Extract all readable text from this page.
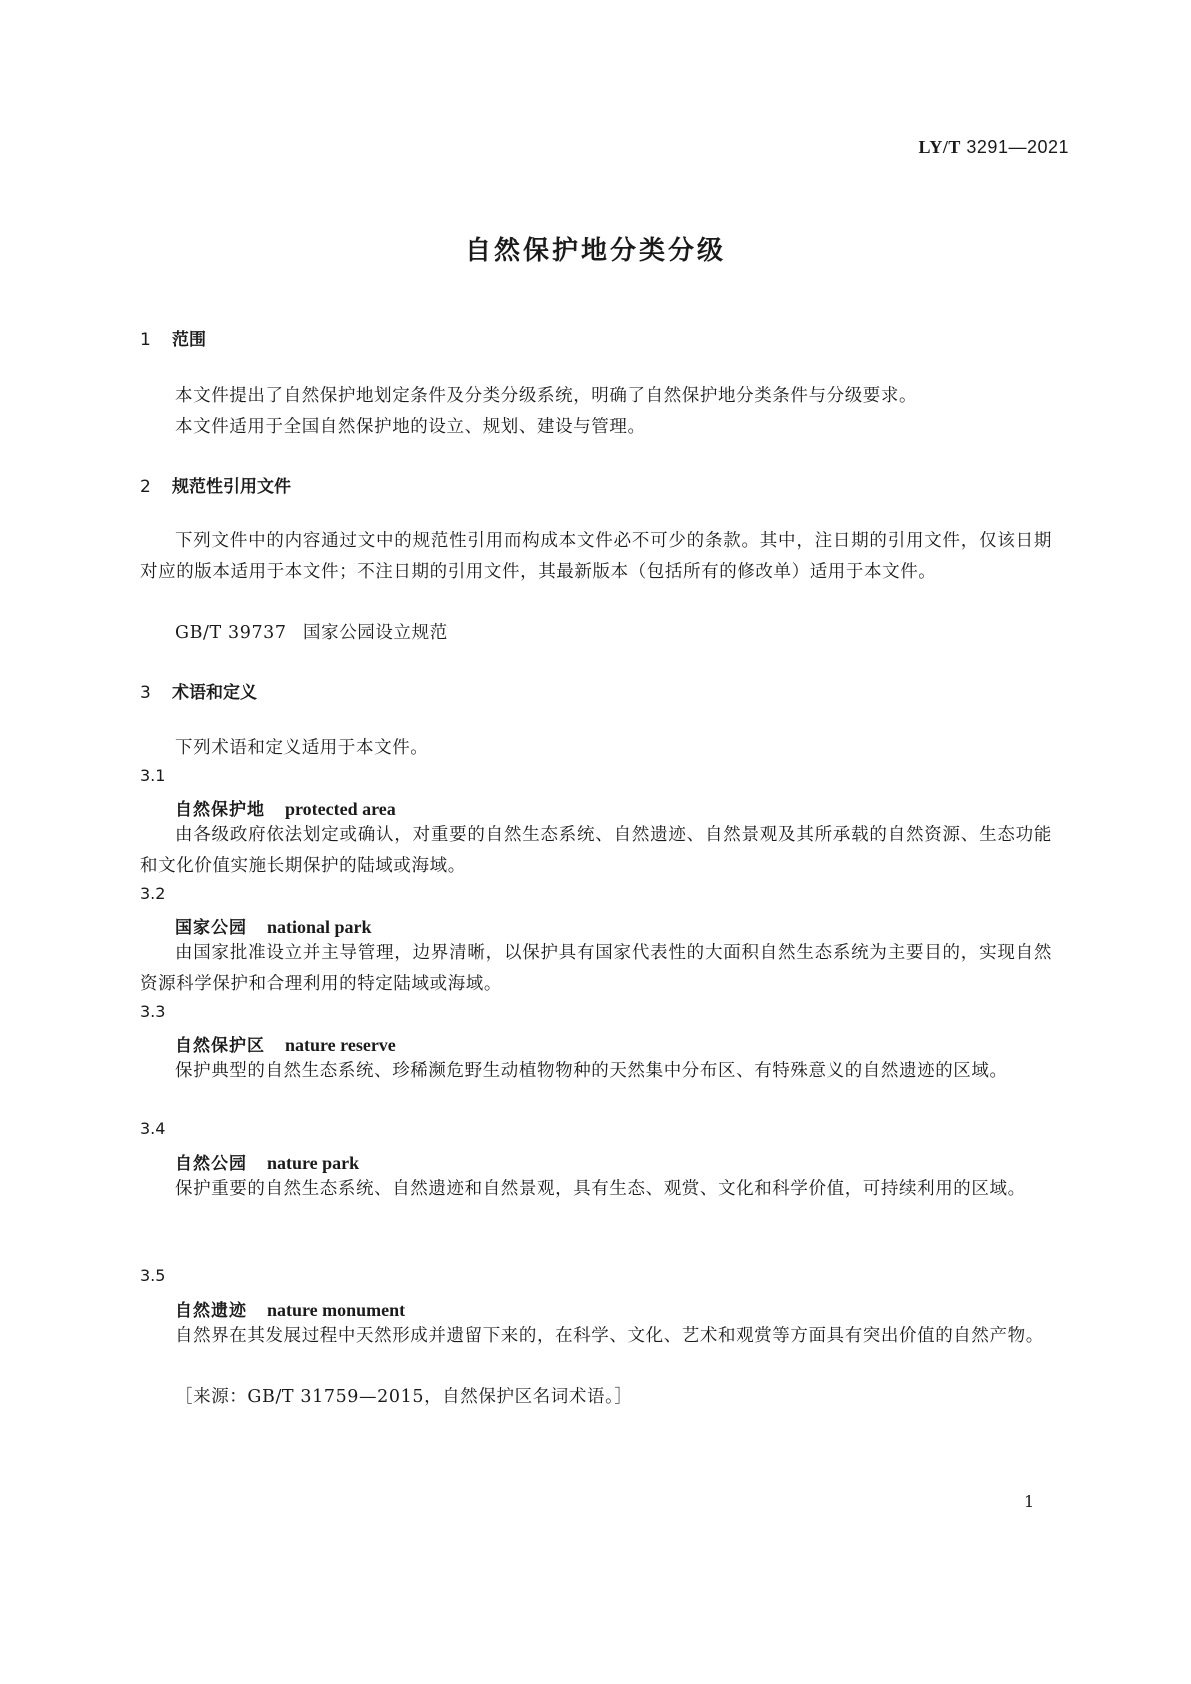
LY/T 3291—2021
自然保护地分类分级
1 范围
本文件提出了自然保护地划定条件及分类分级系统，明确了自然保护地分类条件与分级要求。
本文件适用于全国自然保护地的设立、规划、建设与管理。
2 规范性引用文件
下列文件中的内容通过文中的规范性引用而构成本文件必不可少的条款。其中，注日期的引用文件，仅该日期对应的版本适用于本文件；不注日期的引用文件，其最新版本（包括所有的修改单）适用于本文件。
GB/T 39737 国家公园设立规范
3 术语和定义
下列术语和定义适用于本文件。
3.1
自然保护地 protected area
由各级政府依法划定或确认，对重要的自然生态系统、自然遗迹、自然景观及其所承载的自然资源、生态功能和文化价值实施长期保护的陆域或海域。
3.2
国家公园 national park
由国家批准设立并主导管理，边界清晰，以保护具有国家代表性的大面积自然生态系统为主要目的，实现自然资源科学保护和合理利用的特定陆域或海域。
3.3
自然保护区 nature reserve
保护典型的自然生态系统、珍稀濒危野生动植物物种的天然集中分布区、有特殊意义的自然遗迹的区域。
3.4
自然公园 nature park
保护重要的自然生态系统、自然遗迹和自然景观，具有生态、观赏、文化和科学价值，可持续利用的区域。
3.5
自然遗迹 nature monument
自然界在其发展过程中天然形成并遗留下来的，在科学、文化、艺术和观赏等方面具有突出价值的自然产物。
［来源：GB/T 31759—2015，自然保护区名词术语。］
1
